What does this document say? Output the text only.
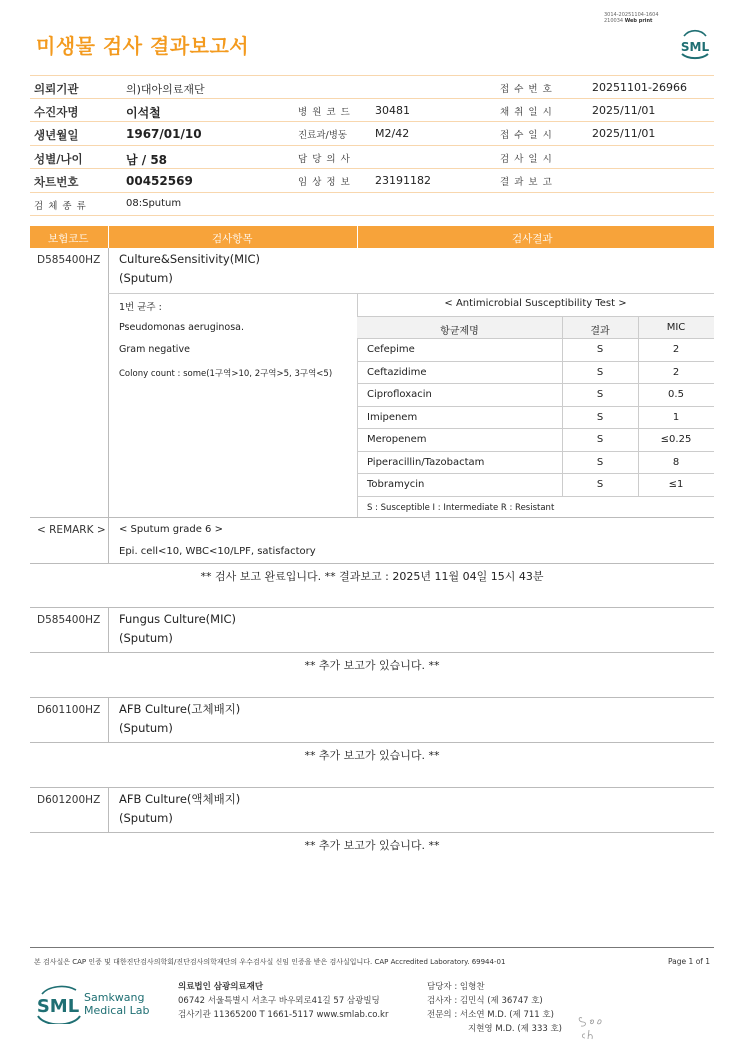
3014-20251104-1604
210034 Web print
미생물 검사 결과보고서	SML
의뢰기관	의)대아의료재단	접 수 번 호	20251101-26966
수진자명	이석철	병 원 코 드 30481	채 취 일 시	2025/11/01
생년월일	1967/01/10	진료과/병동	M2/42	접 수 일 시	2025/11/01
성별/나이	남 / 58	담 당 의 사	검 사 일 시
차트번호	00452569	임 상 정 보 23191182	결 과 보 고
검 체 종 류	08:Sputum
보험코드	검사항목	검사결과
D585400HZ Culture&Sensitivity(MIC)
(Sputum)
1번 균주 :
Pseudomonas aeruginosa.
Gram negative
Colony count : some(1구역>10, 2구역>5, 3구역<5)
< REMARK > < Sputum grade 6 >
Epi. cell<10, WBC<10/LPF, satisfactory
< Antimicrobial Susceptibility Test >
항균제명	결과	MIC
Cefepime	S	2
Ceftazidime	S	2
Ciprofloxacin	S	0.5
Imipenem	S	1
Meropenem	S	≤0.25
Piperacillin/Tazobactam	S	8
Tobramycin	S	≤1
S : Susceptible I : Intermediate R : Resistant
** 검사 보고 완료입니다. ** 결과보고 : 2025년 11월 04일 15시 43분
D585400HZ Fungus Culture(MIC)
(Sputum)
** 추가 보고가 있습니다. **
D601100HZ AFB Culture(고체배지)
(Sputum)
** 추가 보고가 있습니다. **
D601200HZ AFB Culture(액체배지)
(Sputum)
** 추가 보고가 있습니다. **
본 검사실은 CAP 인증 및 대한진단검사의학회/진단검사의학재단의 우수검사실 신임 인증을 받은 검사실입니다. CAP Accredited Laboratory. 69944-01	Page 1 of 1
SML Samkwang
Medical Lab
의료법인 삼광의료재단
06742 서울특별시 서초구 바우뫼로41길 57 삼광빌딩
검사기관 11365200 T 1661-5117 www.smlab.co.kr
담당자 : 임형찬
검사자 : 김민식 (제 36747 호)
전문의 : 서소연 M.D. (제 711 호)
지현영 M.D. (제 333 호)
